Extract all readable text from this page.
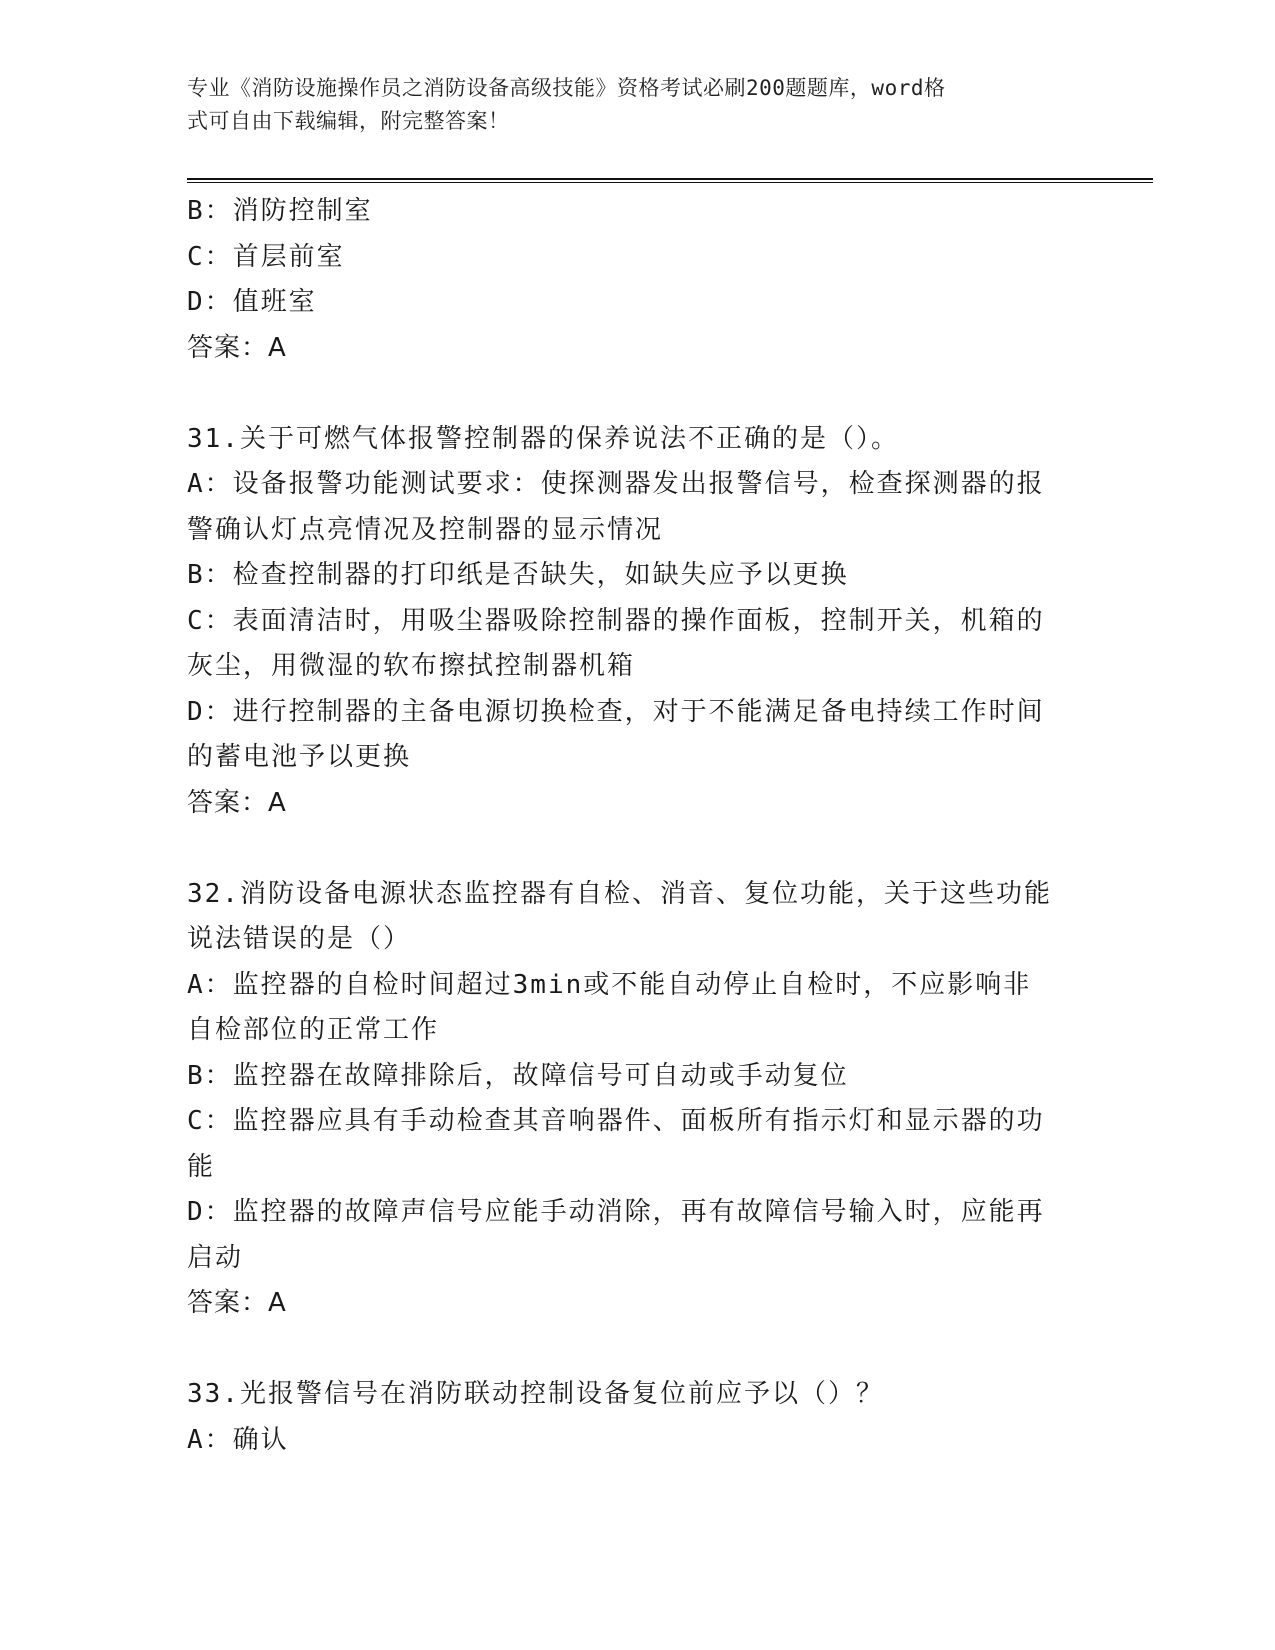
专业《消防设施操作员之消防设备高级技能》资格考试必刷200题题库，word格
式可自由下载编辑，附完整答案！
B：消防控制室
C：首层前室
D：值班室
答案：A
31.关于可燃气体报警控制器的保养说法不正确的是（）。
A：设备报警功能测试要求：使探测器发出报警信号，检查探测器的报
警确认灯点亮情况及控制器的显示情况
B：检查控制器的打印纸是否缺失，如缺失应予以更换
C：表面清洁时，用吸尘器吸除控制器的操作面板，控制开关，机箱的
灰尘，用微湿的软布擦拭控制器机箱
D：进行控制器的主备电源切换检查，对于不能满足备电持续工作时间
的蓄电池予以更换
答案：A
32.消防设备电源状态监控器有自检、消音、复位功能，关于这些功能
说法错误的是（）
A：监控器的自检时间超过3min或不能自动停止自检时，不应影响非
自检部位的正常工作
B：监控器在故障排除后，故障信号可自动或手动复位
C：监控器应具有手动检查其音响器件、面板所有指示灯和显示器的功
能
D：监控器的故障声信号应能手动消除，再有故障信号输入时，应能再
启动
答案：A
33.光报警信号在消防联动控制设备复位前应予以（）？
A：确认
